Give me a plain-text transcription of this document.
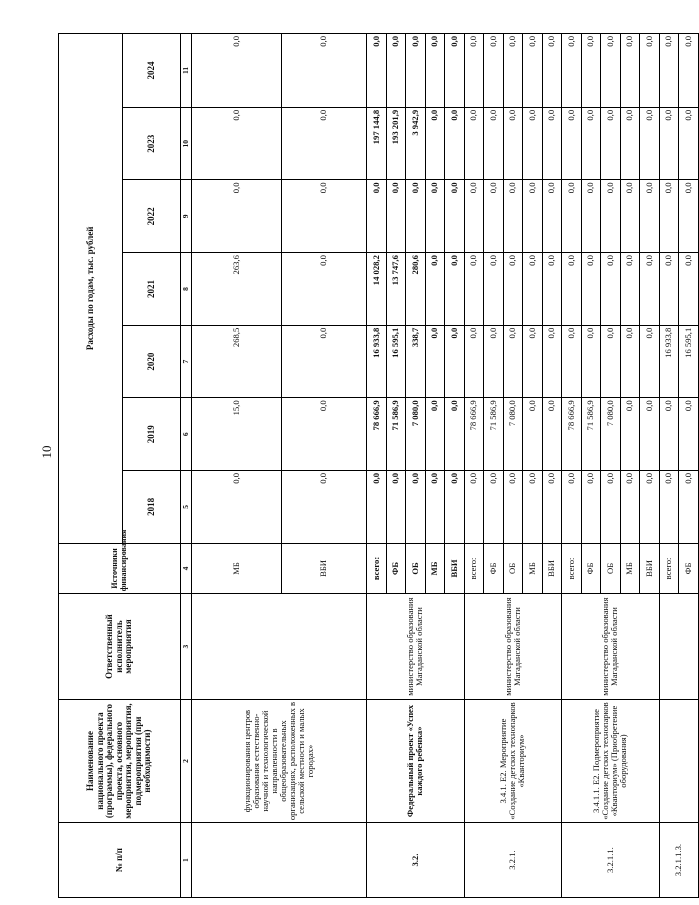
10
№ п/п	Наименование национального проекта (программы), федерального проекта, основного мероприятия, мероприятия, подмероприятия (при необходимости)	Ответственный исполнитель мероприятия	Источники финансирования	Расходы по годам, тыс. рублей						
				2018	2019	2020	2021	2022	2023	2024
1	2	3	4	5	6	7	8	9	10	11
	функционирования центров образования естественно-научной и технологической направленности в общеобразовательных организациях, расположенных в сельской местности и малых городах»		МБ	0,0	15,0	268,5	263,6	0,0	0,0	0,0
			ВБИ	0,0	0,0	0,0	0,0	0,0	0,0	0,0
3.2.	Федеральный проект «Успех каждого ребенка»	министерство образования Магаданской области	всего:	0,0	78 666,9	16 933,8	14 028,2	0,0	197 144,8	0,0
			ФБ	0,0	71 586,9	16 595,1	13 747,6	0,0	193 201,9	0,0
			ОБ	0,0	7 080,0	338,7	280,6	0,0	3 942,9	0,0
			МБ	0,0	0,0	0,0	0,0	0,0	0,0	0,0
			ВБИ	0,0	0,0	0,0	0,0	0,0	0,0	0,0
3.2.1.	3.4.1. Е2. Мероприятие «Создание детских технопарков «Кванториум»	министерство образования Магаданской области	всего:	0,0	78 666,9	0,0	0,0	0,0	0,0	0,0
			ФБ	0,0	71 586,9	0,0	0,0	0,0	0,0	0,0
			ОБ	0,0	7 080,0	0,0	0,0	0,0	0,0	0,0
			МБ	0,0	0,0	0,0	0,0	0,0	0,0	0,0
			ВБИ	0,0	0,0	0,0	0,0	0,0	0,0	0,0
3.2.1.1.	3.4.1.1. Е2. Подмероприятие «Создание детских технопарков «Кванториум» (Приобретение оборудования)	министерство образования Магаданской области	всего:	0,0	78 666,9	0,0	0,0	0,0	0,0	0,0
			ФБ	0,0	71 586,9	0,0	0,0	0,0	0,0	0,0
			ОБ	0,0	7 080,0	0,0	0,0	0,0	0,0	0,0
			МБ	0,0	0,0	0,0	0,0	0,0	0,0	0,0
			ВБИ	0,0	0,0	0,0	0,0	0,0	0,0	0,0
3.2.1.1.3.			всего:	0,0	0,0	16 933,8	0,0	0,0	0,0	0,0
			ФБ	0,0	0,0	16 595,1	0,0	0,0	0,0	0,0
